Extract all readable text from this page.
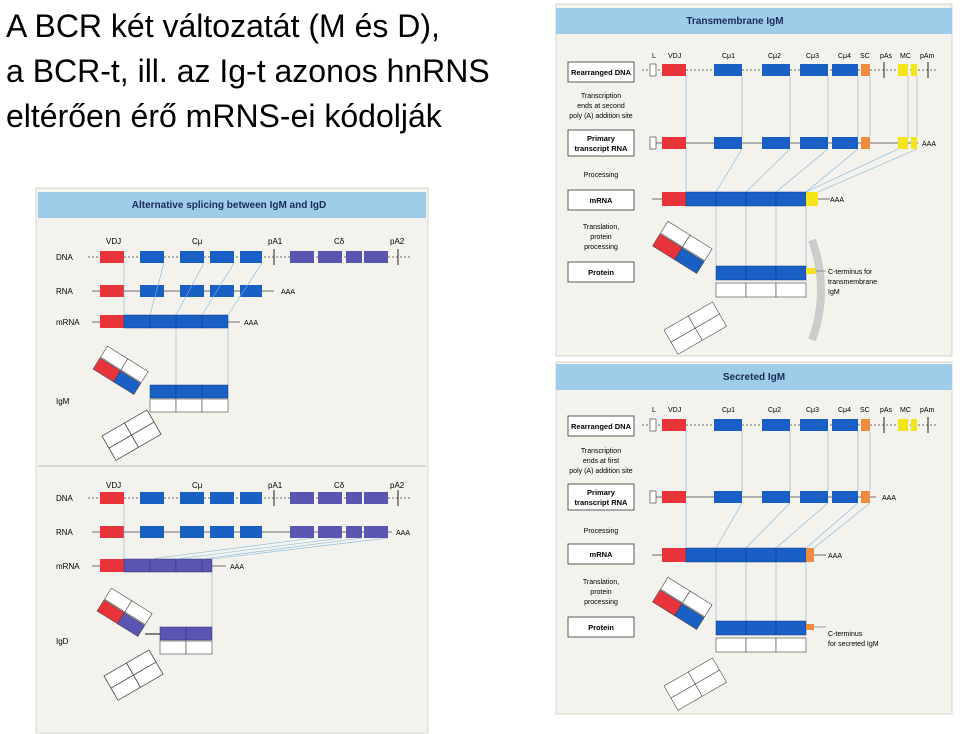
A BCR két változatát (M és D),
a BCR-t, ill. az Ig-t azonos hnRNS
eltérően érő mRNS-ei kódolják
Alternative splicing between IgM and IgD
VDJ	Cμ	pA1	Cδ	pA2
DNA
RNA
mRNA
AAA
AAA
IgM
VDJ	Cμ	pA1	Cδ	pA2
DNA
RNA
mRNA
AAA
AAA
IgD
Transmembrane IgM
L VDJ	Cμ1	Cμ2	Cμ3	Cμ4 SC pAs MC pAm
Rearranged DNA
Transcription
ends at second
poly (A) addition site
Primary
transcript RNA
Processing
mRNA
Translation,
protein
processing
Protein
AAA
AAA
C-terminus for
transmembrane
IgM
Secreted IgM
L VDJ	Cμ1	Cμ2	Cμ3	Cμ4 SC pAs MC pAm
Rearranged DNA
Transcription
ends at first
poly (A) addition site
Primary
transcript RNA
Processing
mRNA
Translation,
protein
processing
Protein
AAA
AAA
C-terminus
for secreted IgM
